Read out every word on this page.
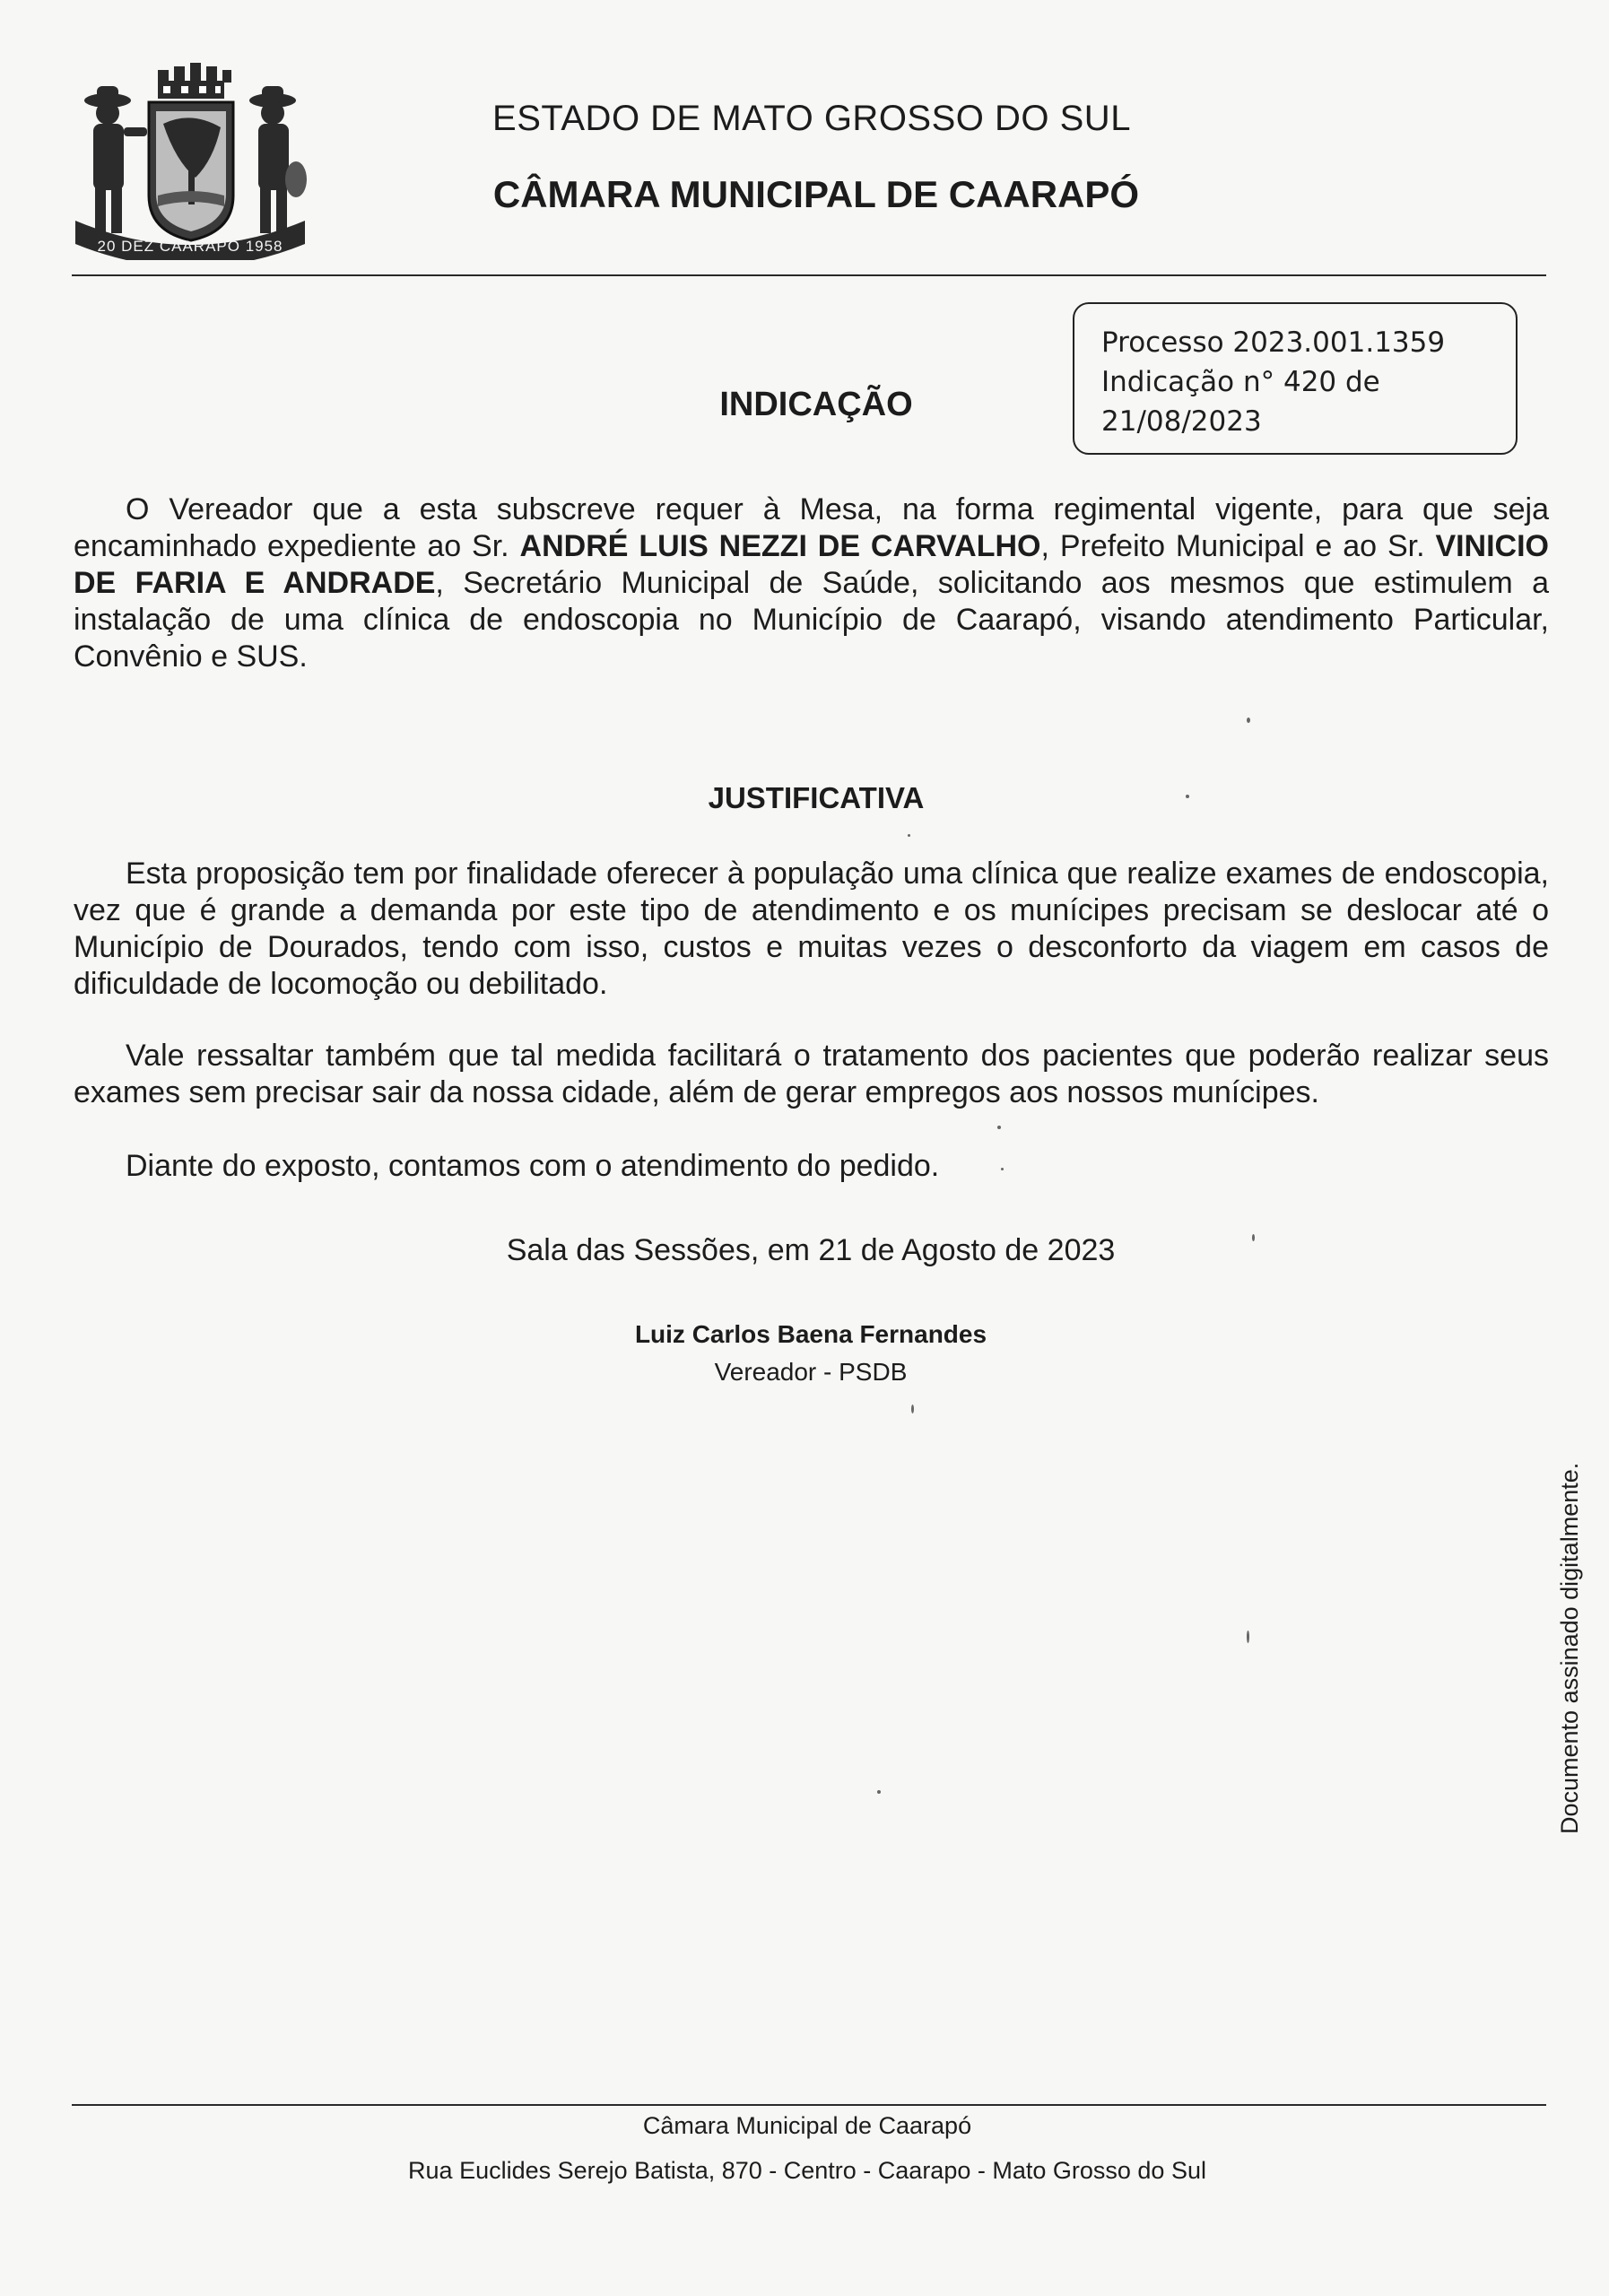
20 DEZ CAARAPÓ 1958
ESTADO DE MATO GROSSO DO SUL
CÂMARA MUNICIPAL DE CAARAPÓ
Processo 2023.001.1359
Indicação n° 420 de
21/08/2023
INDICAÇÃO
O Vereador que a esta subscreve requer à Mesa, na forma regimental vigente, para que seja encaminhado expediente ao Sr. ANDRÉ LUIS NEZZI DE CARVALHO, Prefeito Municipal e ao Sr. VINICIO DE FARIA E ANDRADE, Secretário Municipal de Saúde, solicitando aos mesmos que estimulem a instalação de uma clínica de endoscopia no Município de Caarapó, visando atendimento Particular, Convênio e SUS.
JUSTIFICATIVA
Esta proposição tem por finalidade oferecer à população uma clínica que realize exames de endoscopia, vez que é grande a demanda por este tipo de atendimento e os munícipes precisam se deslocar até o Município de Dourados, tendo com isso, custos e muitas vezes o desconforto da viagem em casos de dificuldade de locomoção ou debilitado.
Vale ressaltar também que tal medida facilitará o tratamento dos pacientes que poderão realizar seus exames sem precisar sair da nossa cidade, além de gerar empregos aos nossos munícipes.
Diante do exposto, contamos com o atendimento do pedido.
Sala das Sessões, em 21 de Agosto de 2023
Luiz Carlos Baena Fernandes
Vereador - PSDB
Documento assinado digitalmente.
Câmara Municipal de Caarapó
Rua Euclides Serejo Batista, 870 - Centro - Caarapo - Mato Grosso do Sul
